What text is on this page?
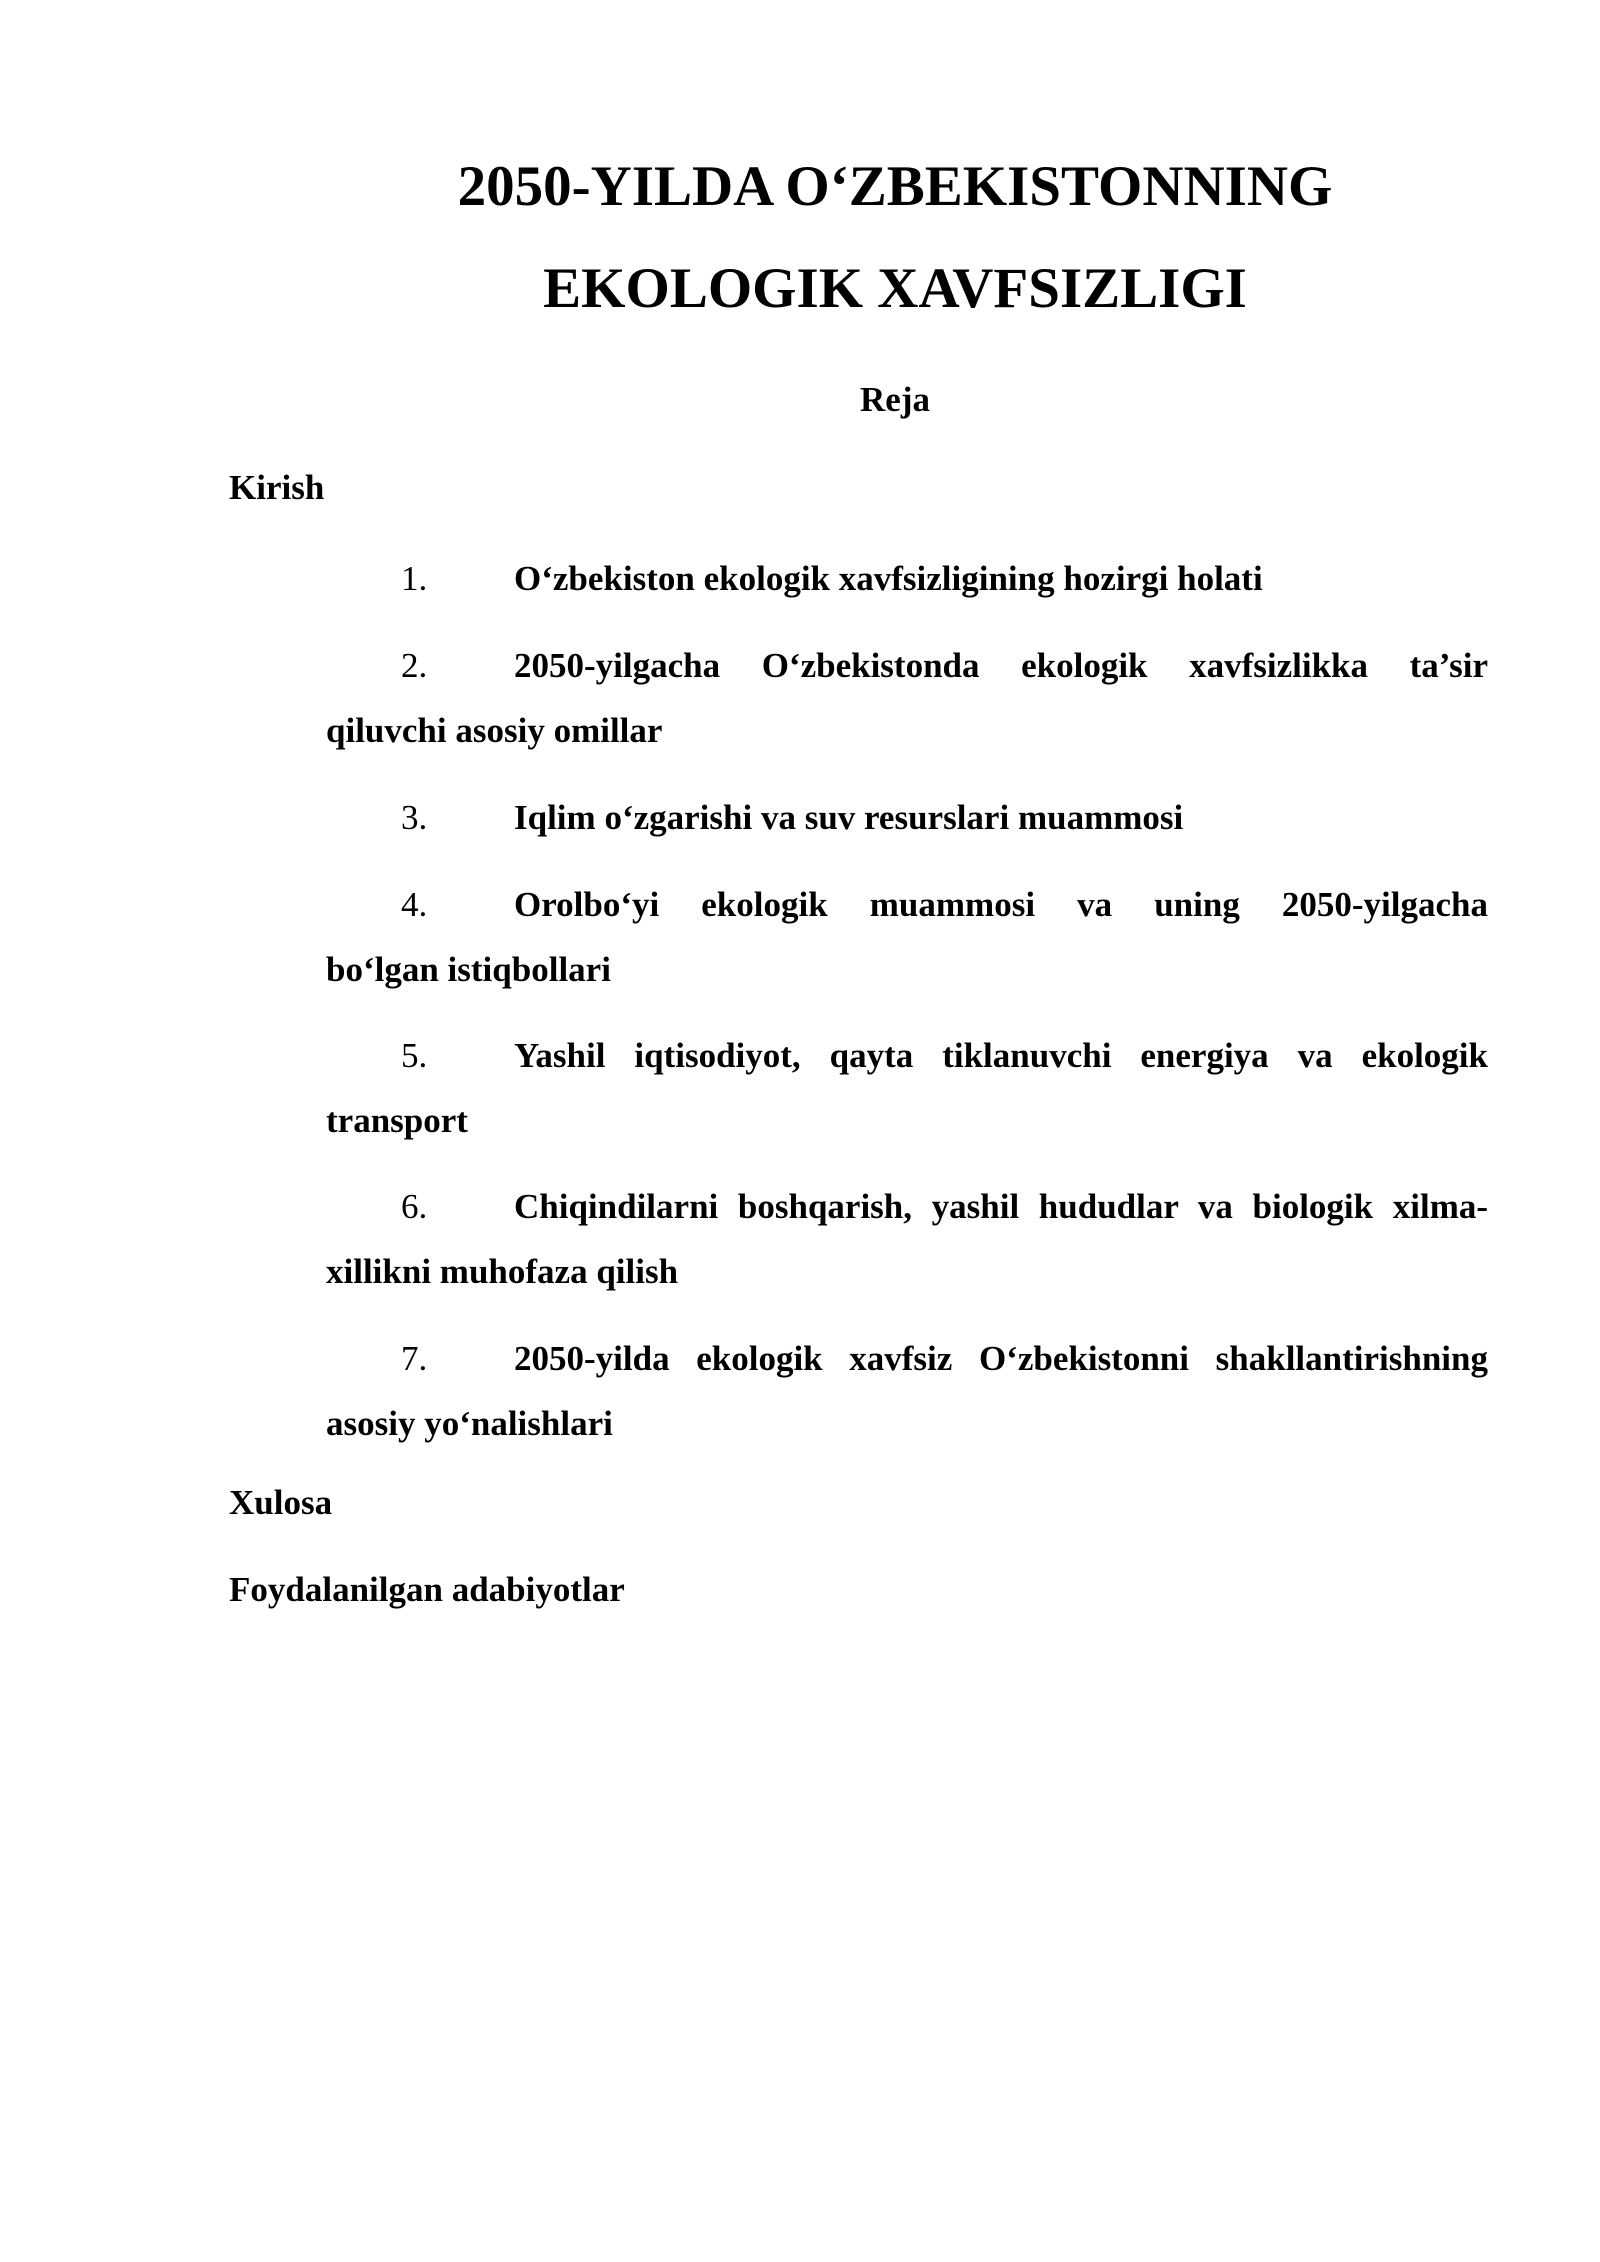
2050-YILDA O‘ZBEKISTONNING
EKOLOGIK XAVFSIZLIGI
Reja
Kirish
1. O‘zbekiston ekologik xavfsizligining hozirgi holati
2. 2050-yilgacha O‘zbekistonda ekologik xavfsizlikka ta’sir
qiluvchi asosiy omillar
3. Iqlim o‘zgarishi va suv resurslari muammosi
4. Orolbo‘yi ekologik muammosi va uning 2050-yilgacha
bo‘lgan istiqbollari
5. Yashil iqtisodiyot, qayta tiklanuvchi energiya va ekologik
transport
6. Chiqindilarni boshqarish, yashil hududlar va biologik xilma-
xillikni muhofaza qilish
7. 2050-yilda ekologik xavfsiz O‘zbekistonni shakllantirishning
asosiy yo‘nalishlari
Xulosa
Foydalanilgan adabiyotlar
